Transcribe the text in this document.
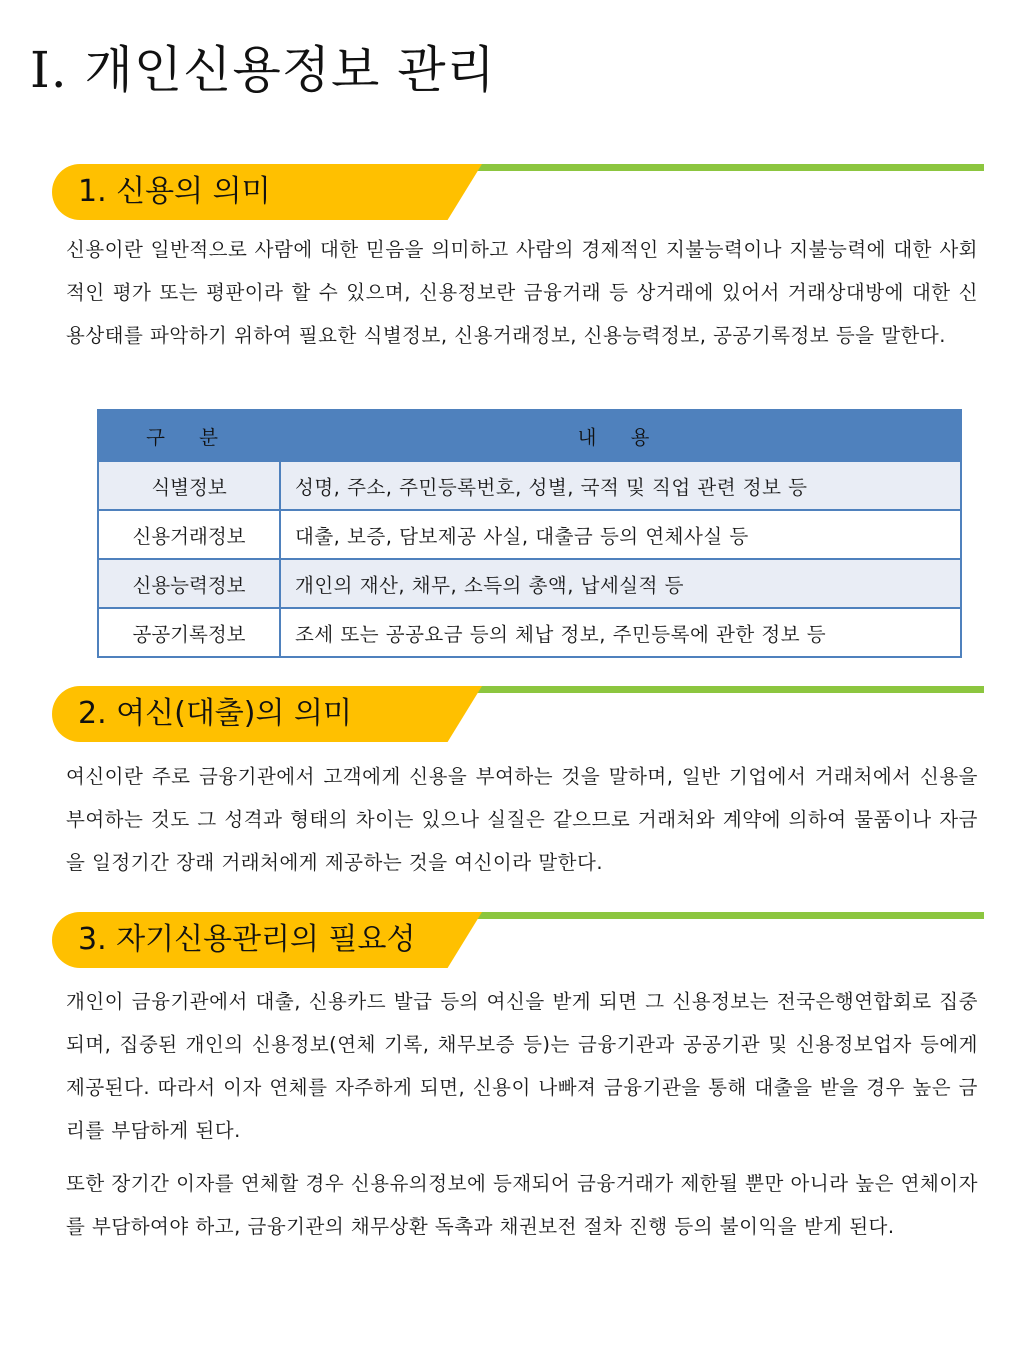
I. 개인신용정보 관리
1. 신용의 의미

신용이란 일반적으로 사람에 대한 믿음을 의미하고 사람의 경제적인 지불능력이나 지불능력에 대한 사회적인 평가 또는 평판이라 할 수 있으며, 신용정보란 금융거래 등 상거래에 있어서 거래상대방에 대한 신용상태를 파악하기 위하여 필요한 식별정보, 신용거래정보, 신용능력정보, 공공기록정보 등을 말한다.

구 분	내 용
식별정보	성명, 주소, 주민등록번호, 성별, 국적 및 직업 관련 정보 등
신용거래정보	대출, 보증, 담보제공 사실, 대출금 등의 연체사실 등
신용능력정보	개인의 재산, 채무, 소득의 총액, 납세실적 등
공공기록정보	조세 또는 공공요금 등의 체납 정보, 주민등록에 관한 정보 등
2. 여신(대출)의 의미

여신이란 주로 금융기관에서 고객에게 신용을 부여하는 것을 말하며, 일반 기업에서 거래처에서 신용을 부여하는 것도 그 성격과 형태의 차이는 있으나 실질은 같으므로 거래처와 계약에 의하여 물품이나 자금을 일정기간 장래 거래처에게 제공하는 것을 여신이라 말한다.

3. 자기신용관리의 필요성

개인이 금융기관에서 대출, 신용카드 발급 등의 여신을 받게 되면 그 신용정보는 전국은행연합회로 집중되며, 집중된 개인의 신용정보(연체 기록, 채무보증 등)는 금융기관과 공공기관 및 신용정보업자 등에게 제공된다. 따라서 이자 연체를 자주하게 되면, 신용이 나빠져 금융기관을 통해 대출을 받을 경우 높은 금리를 부담하게 된다.

또한 장기간 이자를 연체할 경우 신용유의정보에 등재되어 금융거래가 제한될 뿐만 아니라 높은 연체이자를 부담하여야 하고, 금융기관의 채무상환 독촉과 채권보전 절차 진행 등의 불이익을 받게 된다.
